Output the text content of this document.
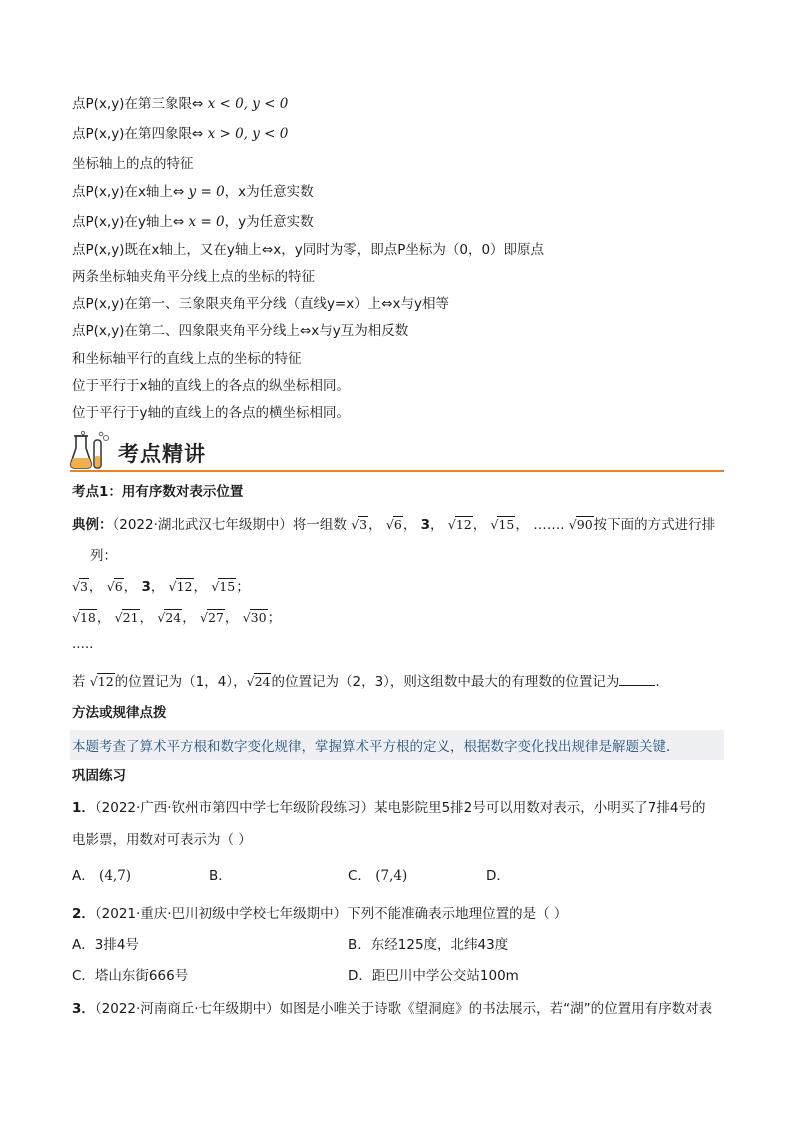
点P(x,y)在第三象限⇔ x < 0, y < 0
点P(x,y)在第四象限⇔ x > 0, y < 0
坐标轴上的点的特征
点P(x,y)在x轴上⇔ y = 0，x为任意实数
点P(x,y)在y轴上⇔ x = 0，y为任意实数
点P(x,y)既在x轴上，又在y轴上⇔x，y同时为零，即点P坐标为（0，0）即原点
两条坐标轴夹角平分线上点的坐标的特征
点P(x,y)在第一、三象限夹角平分线（直线y=x）上⇔x与y相等
点P(x,y)在第二、四象限夹角平分线上⇔x与y互为相反数
和坐标轴平行的直线上点的坐标的特征
位于平行于x轴的直线上的各点的纵坐标相同。
位于平行于y轴的直线上的各点的横坐标相同。
考点精讲
考点1：用有序数对表示位置
典例：（2022·湖北武汉七年级期中）将一组数 √3， √6， 3， √12， √15， ……. √90按下面的方式进行排
列：
√3， √6， 3， √12， √15；
√18， √21， √24， √27， √30；
·····
若 √12的位置记为（1，4），√24的位置记为（2，3），则这组数中最大的有理数的位置记为	.
方法或规律点拨
本题考查了算术平方根和数字变化规律，掌握算术平方根的定义，根据数字变化找出规律是解题关键．
巩固练习
1．（2022·广西·钦州市第四中学七年级阶段练习）某电影院里5排2号可以用数对表示，小明买了7排4号的
电影票，用数对可表示为（ ）
A． (4,7)	B．	C． (7,4)	D．
2．（2021·重庆·巴川初级中学校七年级期中）下列不能准确表示地理位置的是（ ）
A．3排4号	B．东经125度，北纬43度
C．塔山东街666号	D．距巴川中学公交站100m
3．（2022·河南商丘·七年级期中）如图是小唯关于诗歌《望洞庭》的书法展示，若“湖”的位置用有序数对表
